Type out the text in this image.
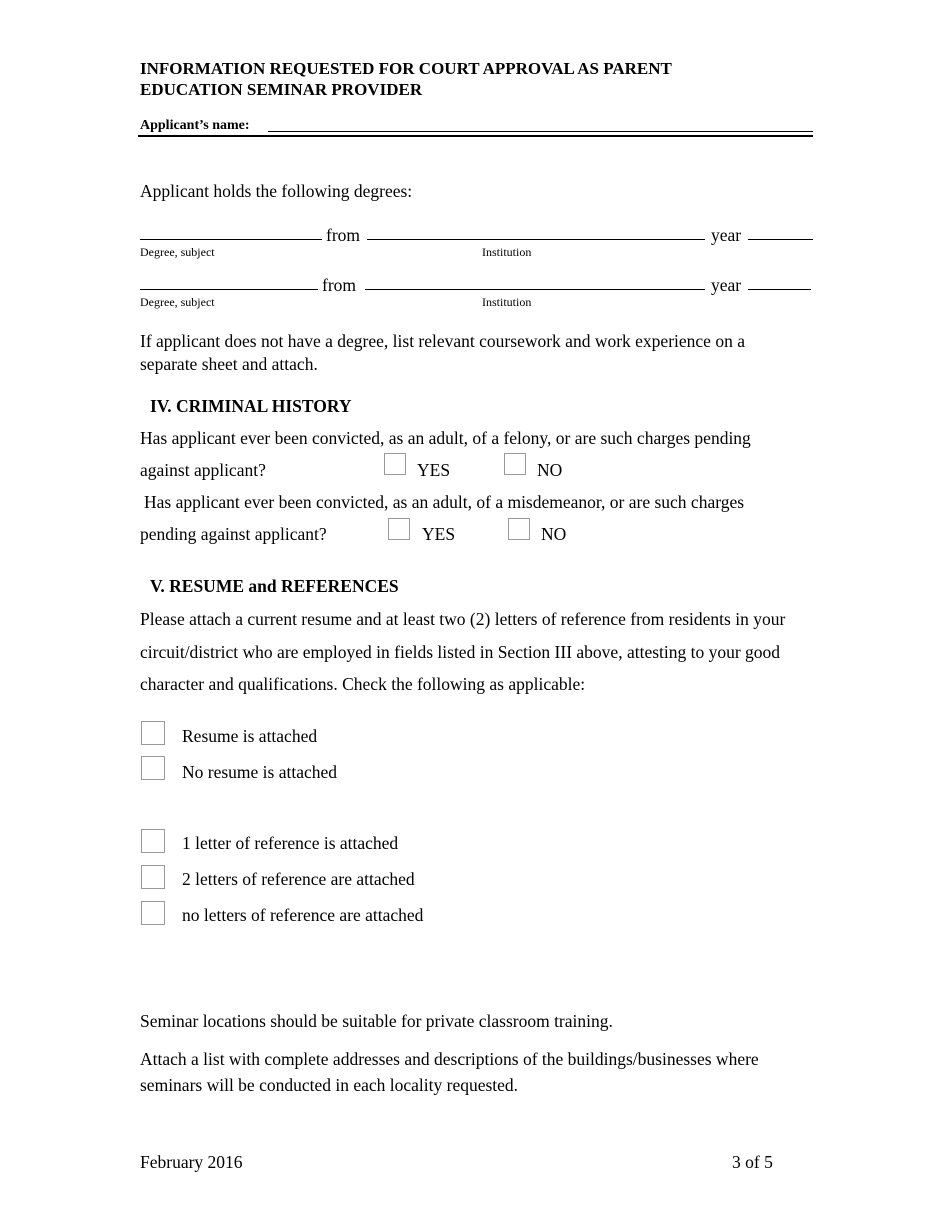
INFORMATION REQUESTED FOR COURT APPROVAL AS PARENT
EDUCATION SEMINAR PROVIDER
Applicant’s name:
Applicant holds the following degrees:
from	year
Degree, subject	Institution
from	year
Degree, subject	Institution
If applicant does not have a degree, list relevant coursework and work experience on a separate sheet and attach.
IV. CRIMINAL HISTORY
Has applicant ever been convicted, as an adult, of a felony, or are such charges pending
against applicant?	YES	NO
Has applicant ever been convicted, as an adult, of a misdemeanor, or are such charges
pending against applicant?	YES	NO
V. RESUME and REFERENCES
Please attach a current resume and at least two (2) letters of reference from residents in your circuit/district who are employed in fields listed in Section III above, attesting to your good character and qualifications. Check the following as applicable:
Resume is attached
No resume is attached
1 letter of reference is attached
2 letters of reference are attached
no letters of reference are attached
Seminar locations should be suitable for private classroom training.
Attach a list with complete addresses and descriptions of the buildings/businesses where seminars will be conducted in each locality requested.
February 2016	3 of 5
